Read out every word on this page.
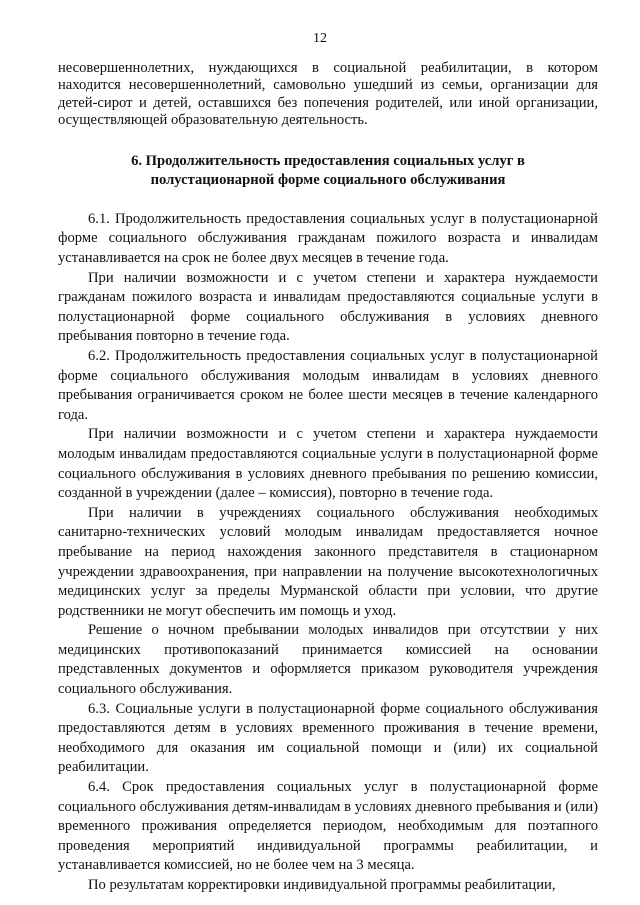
12

несовершеннолетних, нуждающихся в социальной реабилитации, в котором находится несовершеннолетний, самовольно ушедший из семьи, организации для детей-сирот и детей, оставшихся без попечения родителей, или иной организации, осуществляющей образовательную деятельность.

6. Продолжительность предоставления социальных услуг в
полустационарной форме социального обслуживания

6.1. Продолжительность предоставления социальных услуг в полустационарной форме социального обслуживания гражданам пожилого возраста и инвалидам устанавливается на срок не более двух месяцев в течение года.

При наличии возможности и с учетом степени и характера нуждаемости гражданам пожилого возраста и инвалидам предоставляются социальные услуги в полустационарной форме социального обслуживания в условиях дневного пребывания повторно в течение года.

6.2. Продолжительность предоставления социальных услуг в полустационарной форме социального обслуживания молодым инвалидам в условиях дневного пребывания ограничивается сроком не более шести месяцев в течение календарного года.

При наличии возможности и с учетом степени и характера нуждаемости молодым инвалидам предоставляются социальные услуги в полустационарной форме социального обслуживания в условиях дневного пребывания по решению комиссии, созданной в учреждении (далее – комиссия), повторно в течение года.

При наличии в учреждениях социального обслуживания необходимых санитарно-технических условий молодым инвалидам предоставляется ночное пребывание на период нахождения законного представителя в стационарном учреждении здравоохранения, при направлении на получение высокотехнологичных медицинских услуг за пределы Мурманской области при условии, что другие родственники не могут обеспечить им помощь и уход.

Решение о ночном пребывании молодых инвалидов при отсутствии у них медицинских противопоказаний принимается комиссией на основании представленных документов и оформляется приказом руководителя учреждения социального обслуживания.

6.3. Социальные услуги в полустационарной форме социального обслуживания предоставляются детям в условиях временного проживания в течение времени, необходимого для оказания им социальной помощи и (или) их социальной реабилитации.

6.4. Срок предоставления социальных услуг в полустационарной форме социального обслуживания детям-инвалидам в условиях дневного пребывания и (или) временного проживания определяется периодом, необходимым для поэтапного проведения мероприятий индивидуальной программы реабилитации, и устанавливается комиссией, но не более чем на 3 месяца.

По результатам корректировки индивидуальной программы реабилитации,
